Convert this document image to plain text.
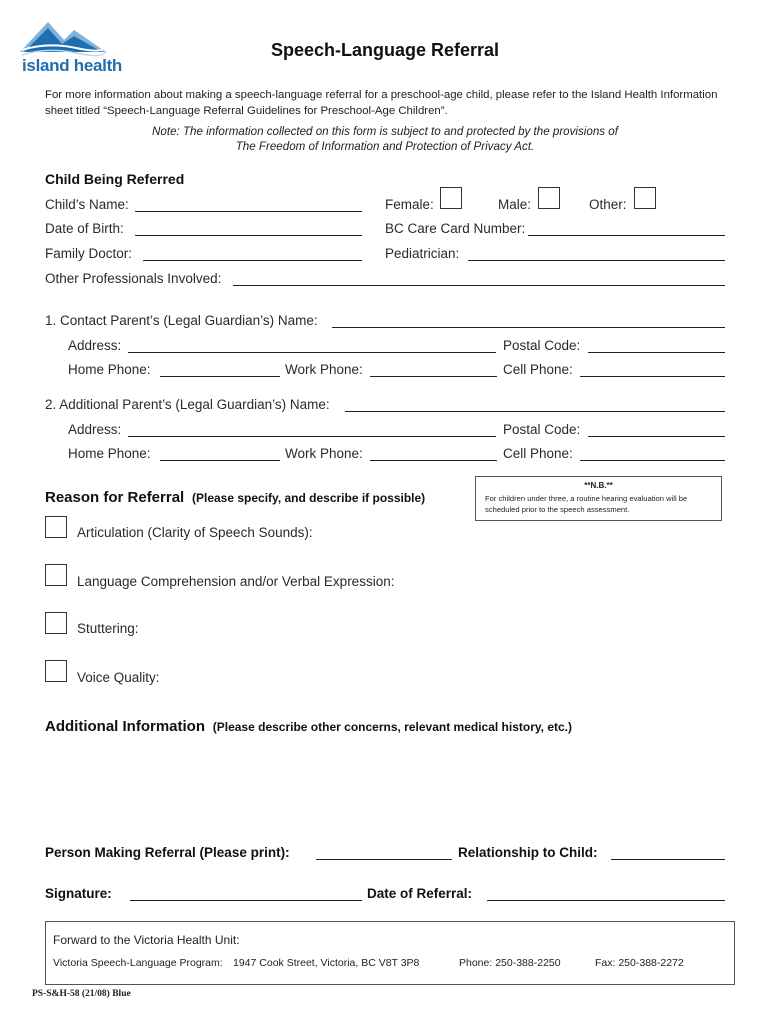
island health
Speech-Language Referral
For more information about making a speech-language referral for a preschool-age child, please refer to the Island Health Information sheet titled “Speech-Language Referral Guidelines for Preschool-Age Children”.
Note: The information collected on this form is subject to and protected by the provisions of
The Freedom of Information and Protection of Privacy Act.
Child Being Referred
Child’s Name:	Female:	Male:	Other:
Date of Birth:	BC Care Card Number:
Family Doctor:	Pediatrician:
Other Professionals Involved:
1. Contact Parent’s (Legal Guardian’s) Name:
Address:	Postal Code:
Home Phone:	Work Phone:	Cell Phone:
2. Additional Parent’s (Legal Guardian’s) Name:
Address:	Postal Code:
Home Phone:	Work Phone:	Cell Phone:
Reason for Referral (Please specify, and describe if possible)
**N.B.**
For children under three, a routine hearing evaluation will be scheduled prior to the speech assessment.
Articulation (Clarity of Speech Sounds):
Language Comprehension and/or Verbal Expression:
Stuttering:
Voice Quality:
Additional Information (Please describe other concerns, relevant medical history, etc.)
Person Making Referral (Please print):	Relationship to Child:
Signature:	Date of Referral:
Forward to the Victoria Health Unit:
Victoria Speech-Language Program: 1947 Cook Street, Victoria, BC V8T 3P8	Phone: 250-388-2250	Fax: 250-388-2272
PS-S&H-58 (21/08) Blue
